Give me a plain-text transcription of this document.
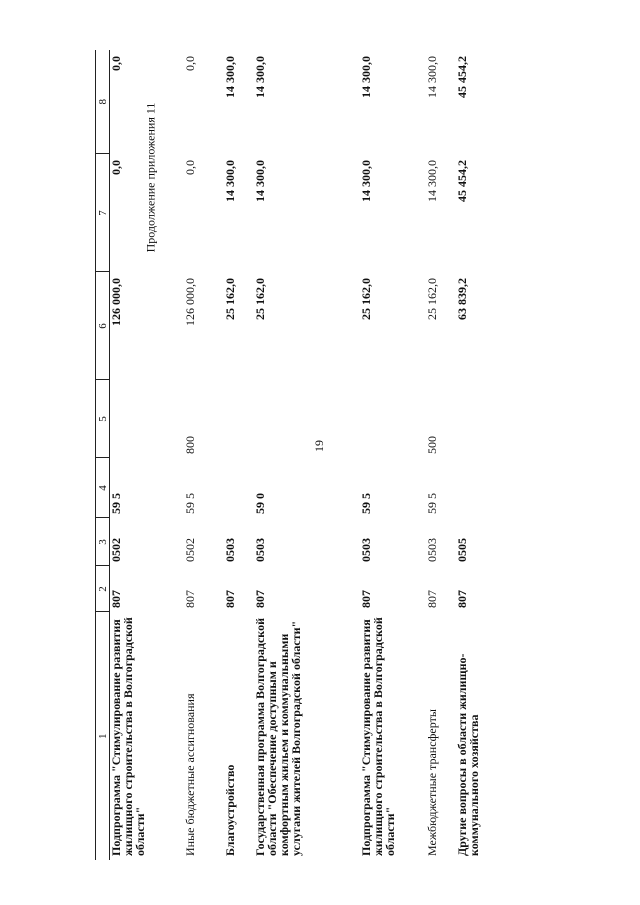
19
Продолжение приложения 11
1	2	3	4	5	6	7	8
Подпрограмма "Стимулирование развития жилищного строительства в Волгоградской области"	807	0502	59 5		126 000,0	0,0	0,0
Иные бюджетные ассигнования	807	0502	59 5	800	126 000,0	0,0	0,0
Благоустройство	807	0503			25 162,0	14 300,0	14 300,0
Государственная программа Волгоградской области "Обеспечение доступным и комфортным жильем и коммунальными услугами жителей Волгоградской области"	807	0503	59 0		25 162,0	14 300,0	14 300,0
Подпрограмма "Стимулирование развития жилищного строительства в Волгоградской области"	807	0503	59 5		25 162,0	14 300,0	14 300,0
Межбюджетные трансферты	807	0503	59 5	500	25 162,0	14 300,0	14 300,0
Другие вопросы в области жилищно-коммунального хозяйства	807	0505			63 839,2	45 454,2	45 454,2
